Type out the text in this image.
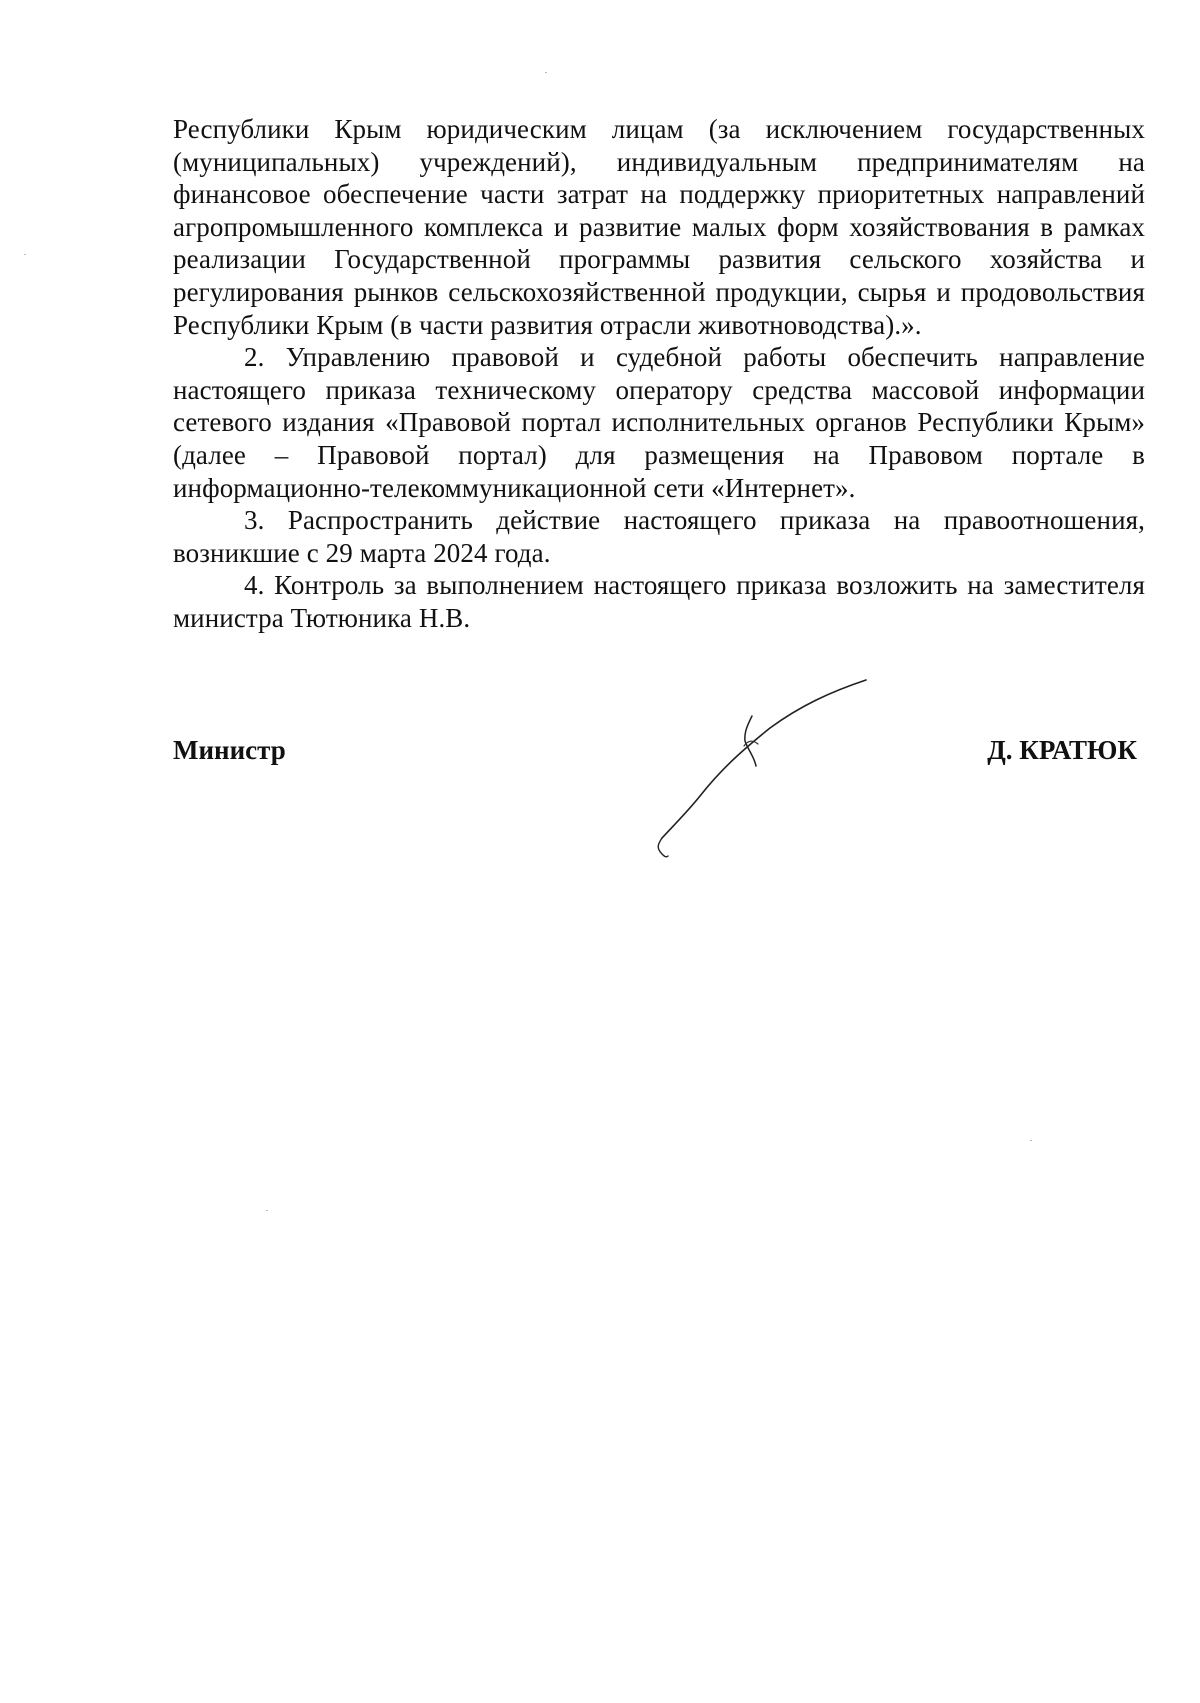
Республики Крым юридическим лицам (за исключением государственных (муниципальных) учреждений), индивидуальным предпринимателям на финансовое обеспечение части затрат на поддержку приоритетных направлений агропромышленного комплекса и развитие малых форм хозяйствования в рамках реализации Государственной программы развития сельского хозяйства и регулирования рынков сельскохозяйственной продукции, сырья и продовольствия Республики Крым (в части развития отрасли животноводства).».

2. Управлению правовой и судебной работы обеспечить направление настоящего приказа техническому оператору средства массовой информации сетевого издания «Правовой портал исполнительных органов Республики Крым» (далее – Правовой портал) для размещения на Правовом портале в информационно-телекоммуникационной сети «Интернет».

3. Распространить действие настоящего приказа на правоотношения, возникшие с 29 марта 2024 года.

4. Контроль за выполнением настоящего приказа возложить на заместителя министра Тютюника Н.В.

Министр	Д. КРАТЮК
